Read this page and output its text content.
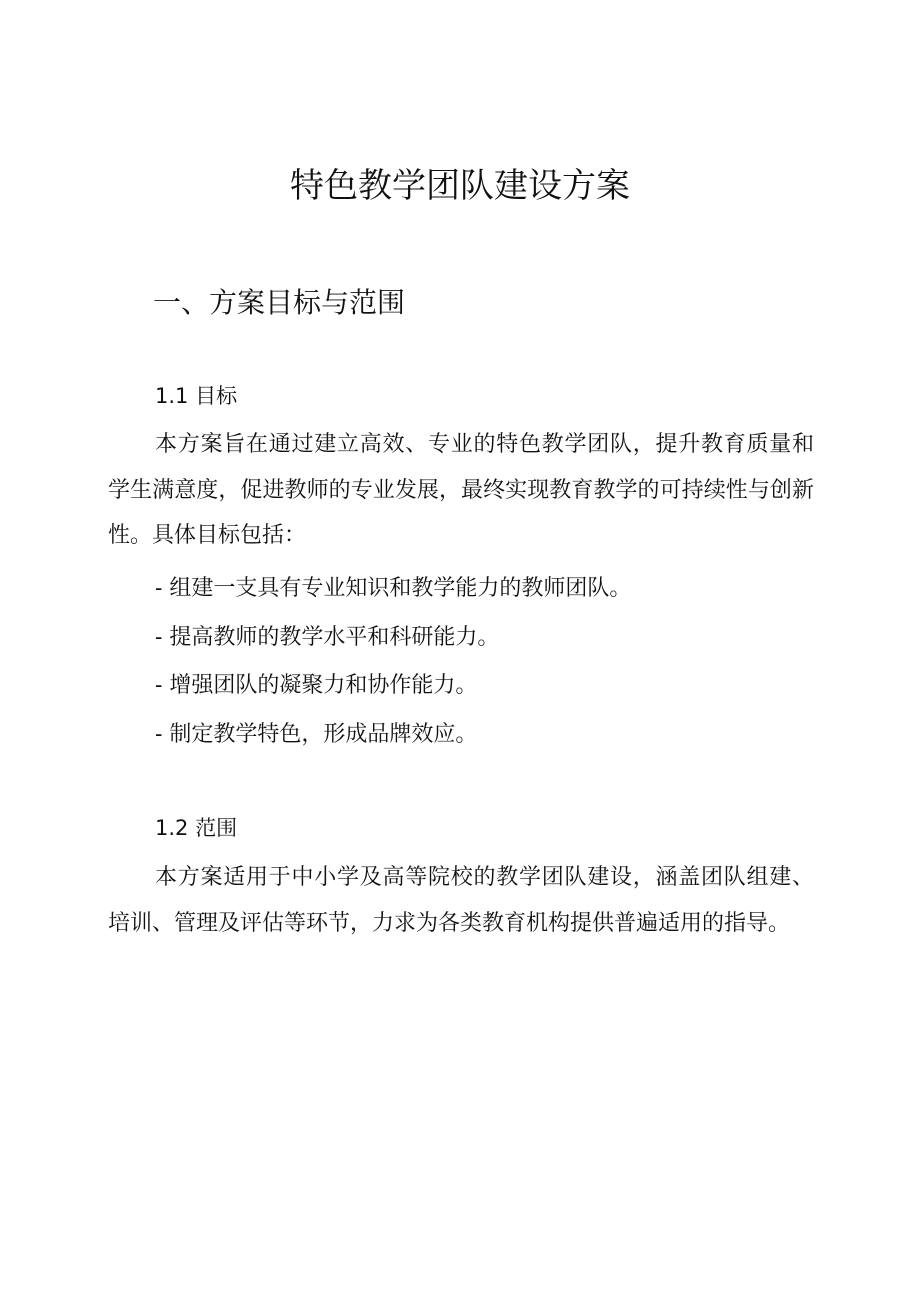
特色教学团队建设方案
一、方案目标与范围
1.1 目标

本方案旨在通过建立高效、专业的特色教学团队，提升教育质量和学生满意度，促进教师的专业发展，最终实现教育教学的可持续性与创新性。具体目标包括：

- 组建一支具有专业知识和教学能力的教师团队。
- 提高教师的教学水平和科研能力。
- 增强团队的凝聚力和协作能力。
- 制定教学特色，形成品牌效应。
1.2 范围

本方案适用于中小学及高等院校的教学团队建设，涵盖团队组建、培训、管理及评估等环节，力求为各类教育机构提供普遍适用的指导。
